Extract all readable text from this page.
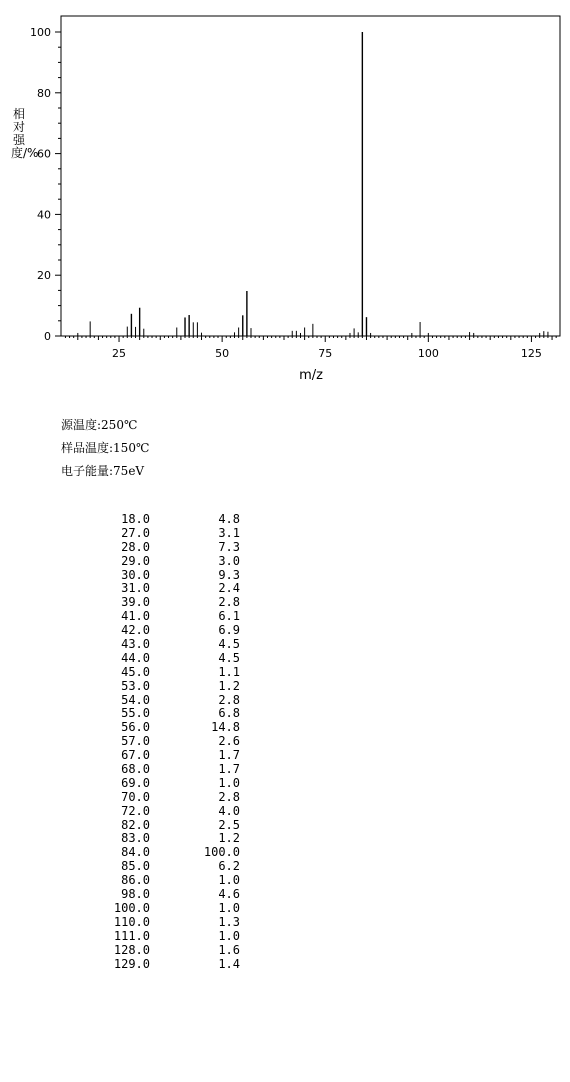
0
20
40
60
80
100
25	50	75	100	125
m/z
相对强度/%
源温度:250℃
样品温度:150℃
电子能量:75eV
18.0	4.8
27.0	3.1
28.0	7.3
29.0	3.0
30.0	9.3
31.0	2.4
39.0	2.8
41.0	6.1
42.0	6.9
43.0	4.5
44.0	4.5
45.0	1.1
53.0	1.2
54.0	2.8
55.0	6.8
56.0	14.8
57.0	2.6
67.0	1.7
68.0	1.7
69.0	1.0
70.0	2.8
72.0	4.0
82.0	2.5
83.0	1.2
84.0	100.0
85.0	6.2
86.0	1.0
98.0	4.6
100.0	1.0
110.0	1.3
111.0	1.0
128.0	1.6
129.0	1.4
